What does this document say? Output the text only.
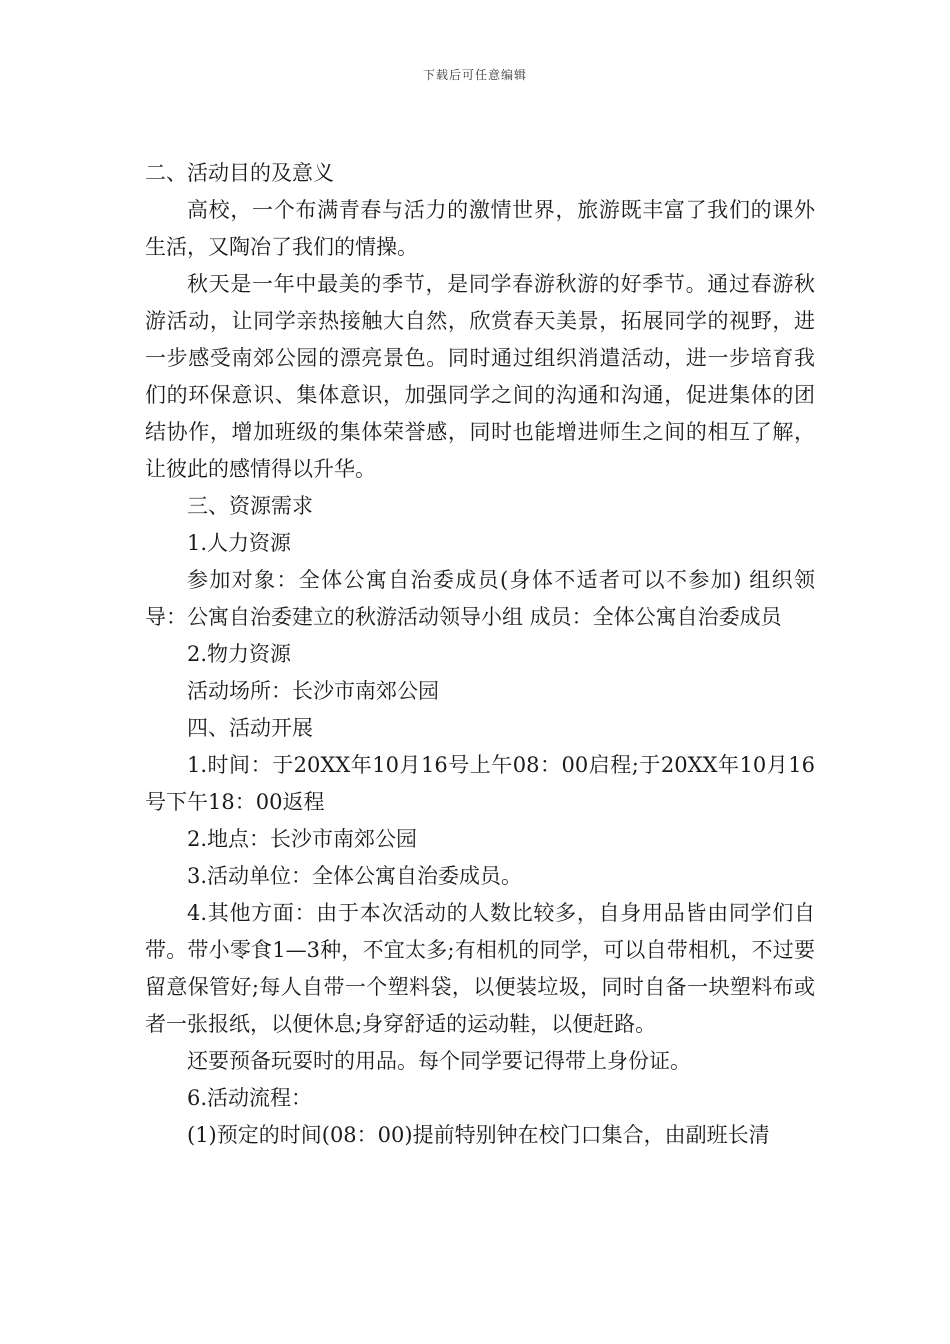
下载后可任意编辑

二、活动目的及意义

高校，一个布满青春与活力的激情世界，旅游既丰富了我们的课外生活，又陶冶了我们的情操。

秋天是一年中最美的季节，是同学春游秋游的好季节。通过春游秋游活动，让同学亲热接触大自然，欣赏春天美景，拓展同学的视野，进一步感受南郊公园的漂亮景色。同时通过组织消遣活动，进一步培育我们的环保意识、集体意识，加强同学之间的沟通和沟通，促进集体的团结协作，增加班级的集体荣誉感，同时也能增进师生之间的相互了解，让彼此的感情得以升华。

三、资源需求

1.人力资源

参加对象：全体公寓自治委成员(身体不适者可以不参加) 组织领导：公寓自治委建立的秋游活动领导小组 成员：全体公寓自治委成员

2.物力资源

活动场所：长沙市南郊公园

四、活动开展

1.时间：于20XX年10月16号上午08：00启程;于20XX年10月16号下午18：00返程

2.地点：长沙市南郊公园

3.活动单位：全体公寓自治委成员。

4.其他方面：由于本次活动的人数比较多，自身用品皆由同学们自带。带小零食1—3种，不宜太多;有相机的同学，可以自带相机，不过要留意保管好;每人自带一个塑料袋，以便装垃圾，同时自备一块塑料布或者一张报纸，以便休息;身穿舒适的运动鞋，以便赶路。

还要预备玩耍时的用品。每个同学要记得带上身份证。

6.活动流程：

(1)预定的时间(08：00)提前特别钟在校门口集合，由副班长清
